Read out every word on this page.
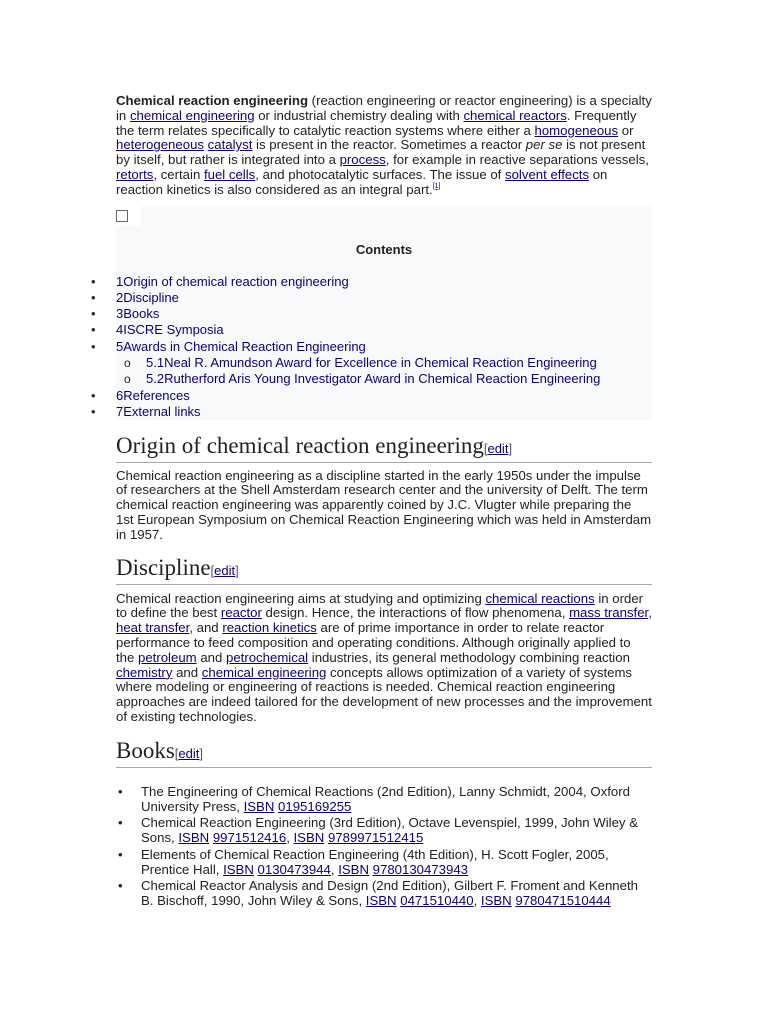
Chemical reaction engineering (reaction engineering or reactor engineering) is a specialty in chemical engineering or industrial chemistry dealing with chemical reactors. Frequently the term relates specifically to catalytic reaction systems where either a homogeneous or heterogeneous catalyst is present in the reactor. Sometimes a reactor per se is not present by itself, but rather is integrated into a process, for example in reactive separations vessels, retorts, certain fuel cells, and photocatalytic surfaces. The issue of solvent effects on reaction kinetics is also considered as an integral part.[1]

Contents
• 1Origin of chemical reaction engineering
• 2Discipline
• 3Books
• 4ISCRE Symposia
• 5Awards in Chemical Reaction Engineering
o 5.1Neal R. Amundson Award for Excellence in Chemical Reaction Engineering
o 5.2Rutherford Aris Young Investigator Award in Chemical Reaction Engineering
• 6References
• 7External links
Origin of chemical reaction engineering[edit]

Chemical reaction engineering as a discipline started in the early 1950s under the impulse of researchers at the Shell Amsterdam research center and the university of Delft. The term chemical reaction engineering was apparently coined by J.C. Vlugter while preparing the 1st European Symposium on Chemical Reaction Engineering which was held in Amsterdam in 1957.

Discipline[edit]

Chemical reaction engineering aims at studying and optimizing chemical reactions in order to define the best reactor design. Hence, the interactions of flow phenomena, mass transfer, heat transfer, and reaction kinetics are of prime importance in order to relate reactor performance to feed composition and operating conditions. Although originally applied to the petroleum and petrochemical industries, its general methodology combining reaction chemistry and chemical engineering concepts allows optimization of a variety of systems where modeling or engineering of reactions is needed. Chemical reaction engineering approaches are indeed tailored for the development of new processes and the improvement of existing technologies.

Books[edit]
• The Engineering of Chemical Reactions (2nd Edition), Lanny Schmidt, 2004, Oxford University Press, ISBN 0195169255
• Chemical Reaction Engineering (3rd Edition), Octave Levenspiel, 1999, John Wiley & Sons, ISBN 9971512416, ISBN 9789971512415
• Elements of Chemical Reaction Engineering (4th Edition), H. Scott Fogler, 2005, Prentice Hall, ISBN 0130473944, ISBN 9780130473943
• Chemical Reactor Analysis and Design (2nd Edition), Gilbert F. Froment and Kenneth B. Bischoff, 1990, John Wiley & Sons, ISBN 0471510440, ISBN 9780471510444
